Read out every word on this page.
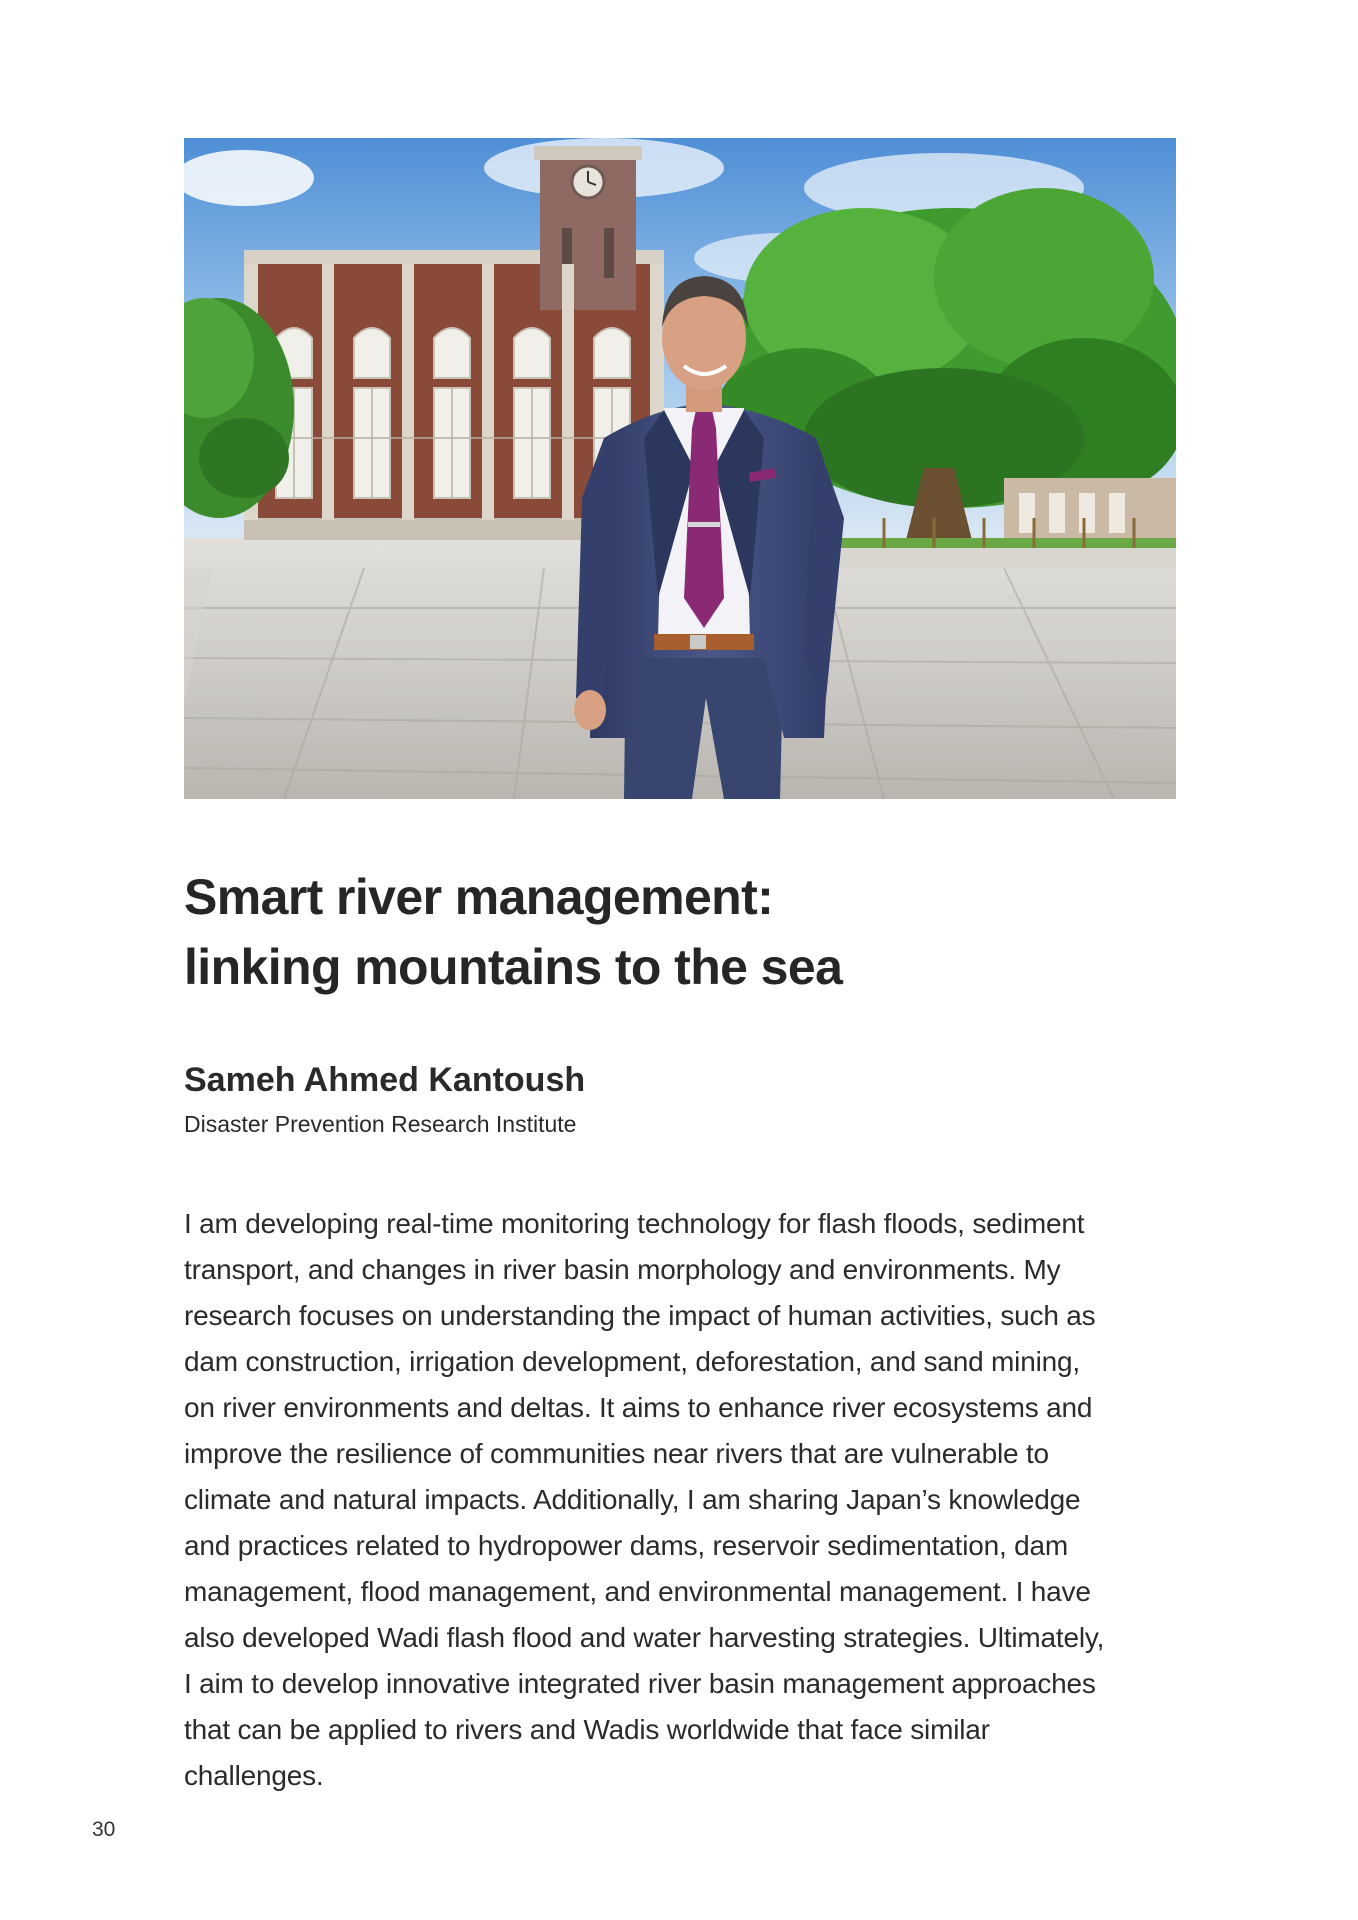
Smart river management:
linking mountains to the sea

Sameh Ahmed Kantoush

Disaster Prevention Research Institute

I am developing real-time monitoring technology for flash floods, sediment
transport, and changes in river basin morphology and environments. My
research focuses on understanding the impact of human activities, such as
dam construction, irrigation development, deforestation, and sand mining,
on river environments and deltas. It aims to enhance river ecosystems and
improve the resilience of communities near rivers that are vulnerable to
climate and natural impacts. Additionally, I am sharing Japan’s knowledge
and practices related to hydropower dams, reservoir sedimentation, dam
management, flood management, and environmental management. I have
also developed Wadi flash flood and water harvesting strategies. Ultimately,
I aim to develop innovative integrated river basin management approaches
that can be applied to rivers and Wadis worldwide that face similar
challenges.

30
